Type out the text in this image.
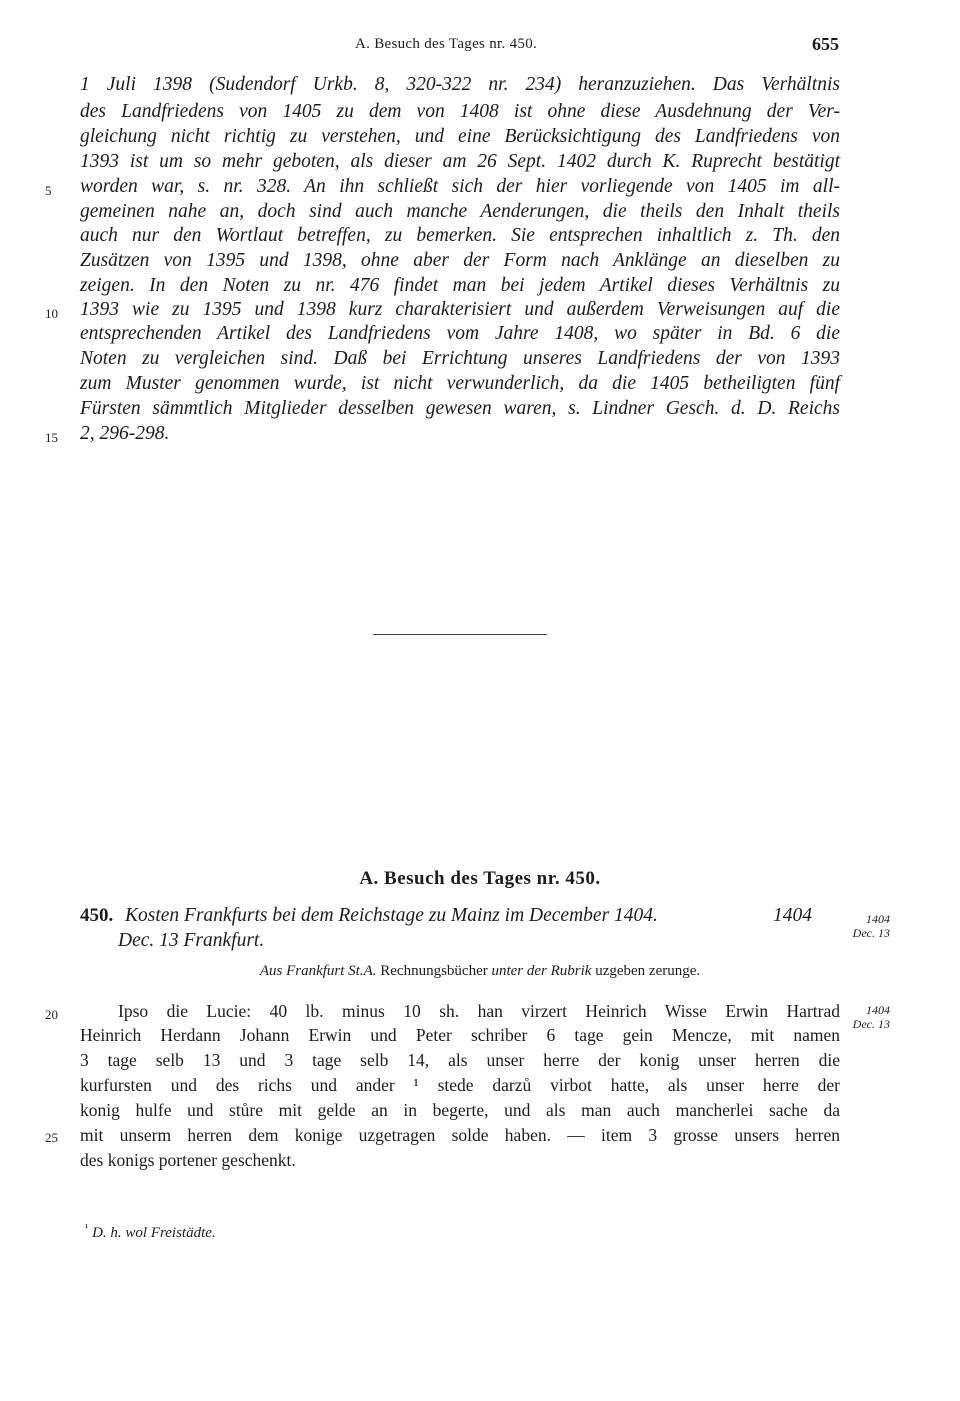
A. Besuch des Tages nr. 450.	655
1 Juli 1398 (Sudendorf Urkb. 8, 320-322 nr. 234) heranzuziehen. Das Verhältnis
des Landfriedens von 1405 zu dem von 1408 ist ohne diese Ausdehnung der Ver-
gleichung nicht richtig zu verstehen, und eine Berücksichtigung des Landfriedens von
1393 ist um so mehr geboten, als dieser am 26 Sept. 1402 durch K. Ruprecht bestätigt
worden war, s. nr. 328. An ihn schließt sich der hier vorliegende von 1405 im all-
gemeinen nahe an, doch sind auch manche Aenderungen, die theils den Inhalt theils
auch nur den Wortlaut betreffen, zu bemerken. Sie entsprechen inhaltlich z. Th. den
Zusätzen von 1395 und 1398, ohne aber der Form nach Anklänge an dieselben zu
zeigen. In den Noten zu nr. 476 findet man bei jedem Artikel dieses Verhältnis zu
1393 wie zu 1395 und 1398 kurz charakterisiert und außerdem Verweisungen auf die
entsprechenden Artikel des Landfriedens vom Jahre 1408, wo später in Bd. 6 die
Noten zu vergleichen sind. Daß bei Errichtung unseres Landfriedens der von 1393
zum Muster genommen wurde, ist nicht verwunderlich, da die 1405 betheiligten fünf
Fürsten sämmtlich Mitglieder desselben gewesen waren, s. Lindner Gesch. d. D. Reichs
2, 296-298.
5
10
15
A. Besuch des Tages nr. 450.
450. Kosten Frankfurts bei dem Reichstage zu Mainz im December 1404.	1404
Dec. 13 Frankfurt.
1404
Dec. 13
Aus Frankfurt St.A. Rechnungsbücher unter der Rubrik uzgeben zerunge.
Ipso die Lucie: 40 lb. minus 10 sh. han virzert Heinrich Wisse Erwin Hartrad
Heinrich Herdann Johann Erwin und Peter schriber 6 tage gein Mencze, mit namen
3 tage selb 13 und 3 tage selb 14, als unser herre der konig unser herren die
kurfursten und des richs und ander ¹ stede darzů virbot hatte, als unser herre der
konig hulfe und stůre mit gelde an in begerte, und als man auch mancherlei sache da
mit unserm herren dem konige uzgetragen solde haben. — item 3 grosse unsers herren
des konigs portener geschenkt.
20
25
1404
Dec. 13
$^{^1}$ D. h. wol Freistädte.
